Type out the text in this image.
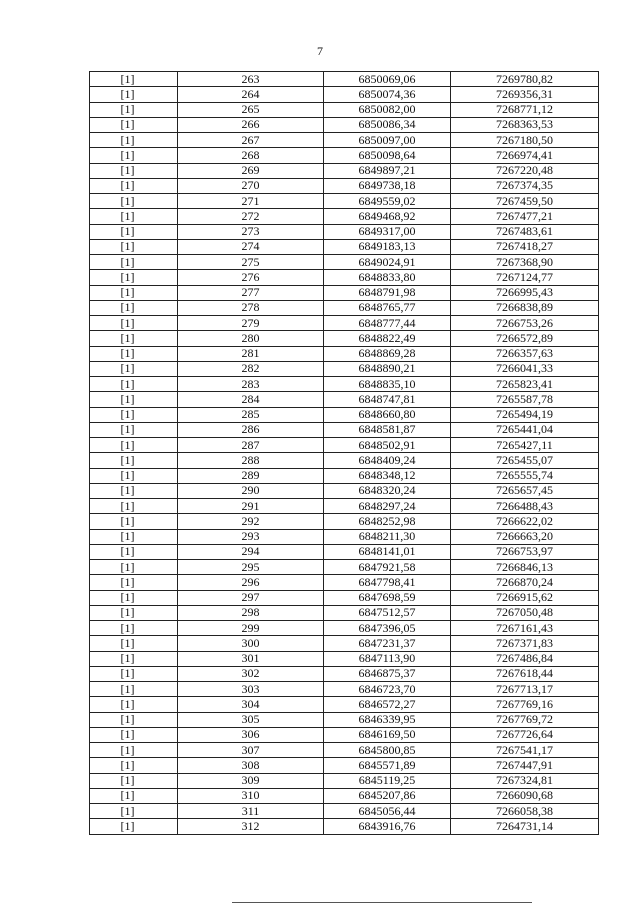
7
[1]	263	6850069,06	7269780,82
[1]	264	6850074,36	7269356,31
[1]	265	6850082,00	7268771,12
[1]	266	6850086,34	7268363,53
[1]	267	6850097,00	7267180,50
[1]	268	6850098,64	7266974,41
[1]	269	6849897,21	7267220,48
[1]	270	6849738,18	7267374,35
[1]	271	6849559,02	7267459,50
[1]	272	6849468,92	7267477,21
[1]	273	6849317,00	7267483,61
[1]	274	6849183,13	7267418,27
[1]	275	6849024,91	7267368,90
[1]	276	6848833,80	7267124,77
[1]	277	6848791,98	7266995,43
[1]	278	6848765,77	7266838,89
[1]	279	6848777,44	7266753,26
[1]	280	6848822,49	7266572,89
[1]	281	6848869,28	7266357,63
[1]	282	6848890,21	7266041,33
[1]	283	6848835,10	7265823,41
[1]	284	6848747,81	7265587,78
[1]	285	6848660,80	7265494,19
[1]	286	6848581,87	7265441,04
[1]	287	6848502,91	7265427,11
[1]	288	6848409,24	7265455,07
[1]	289	6848348,12	7265555,74
[1]	290	6848320,24	7265657,45
[1]	291	6848297,24	7266488,43
[1]	292	6848252,98	7266622,02
[1]	293	6848211,30	7266663,20
[1]	294	6848141,01	7266753,97
[1]	295	6847921,58	7266846,13
[1]	296	6847798,41	7266870,24
[1]	297	6847698,59	7266915,62
[1]	298	6847512,57	7267050,48
[1]	299	6847396,05	7267161,43
[1]	300	6847231,37	7267371,83
[1]	301	6847113,90	7267486,84
[1]	302	6846875,37	7267618,44
[1]	303	6846723,70	7267713,17
[1]	304	6846572,27	7267769,16
[1]	305	6846339,95	7267769,72
[1]	306	6846169,50	7267726,64
[1]	307	6845800,85	7267541,17
[1]	308	6845571,89	7267447,91
[1]	309	6845119,25	7267324,81
[1]	310	6845207,86	7266090,68
[1]	311	6845056,44	7266058,38
[1]	312	6843916,76	7264731,14
